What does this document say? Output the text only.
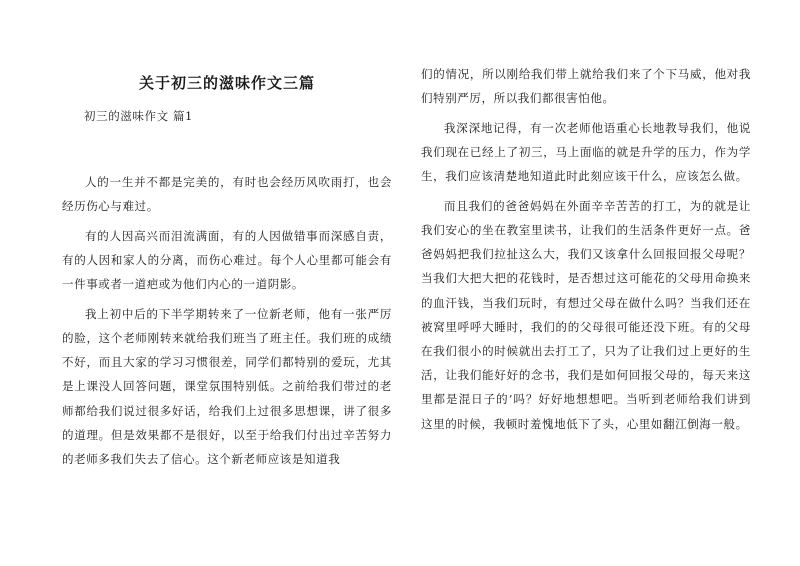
关于初三的滋味作文三篇
初三的滋味作文 篇1

人的一生并不都是完美的，有时也会经历风吹雨打，也会经历伤心与难过。

有的人因高兴而泪流满面，有的人因做错事而深感自责，有的人因和家人的分离，而伤心难过。每个人心里都可能会有一件事或者一道疤或为他们内心的一道阴影。

我上初中后的下半学期转来了一位新老师，他有一张严厉的脸，这个老师刚转来就给我们班当了班主任。我们班的成绩不好，而且大家的学习习惯很差，同学们都特别的爱玩，尤其是上课没人回答问题，课堂氛围特别低。之前给我们带过的老师都给我们说过很多好话，给我们上过很多思想课，讲了很多的道理。但是效果都不是很好，以至于给我们付出过辛苦努力的老师多我们失去了信心。这个新老师应该是知道我

们的情况，所以刚给我们带上就给我们来了个下马威，他对我们特别严厉，所以我们都很害怕他。

我深深地记得，有一次老师他语重心长地教导我们，他说我们现在已经上了初三，马上面临的就是升学的压力，作为学生，我们应该清楚地知道此时此刻应该干什么，应该怎么做。

而且我们的爸爸妈妈在外面辛辛苦苦的打工，为的就是让我们安心的坐在教室里读书，让我们的生活条件更好一点。爸爸妈妈把我们拉扯这么大，我们又该拿什么回报回报父母呢？当我们大把大把的花钱时，是否想过这可能花的父母用命换来的血汗钱，当我们玩时，有想过父母在做什么吗？当我们还在被窝里呼呼大睡时，我们的的父母很可能还没下班。有的父母在我们很小的时候就出去打工了，只为了让我们过上更好的生活，让我们能好好的念书，我们是如何回报父母的，每天来这里都是混日子的’吗？好好地想想吧。当听到老师给我们讲到这里的时候，我顿时羞愧地低下了头，心里如翻江倒海一般。
